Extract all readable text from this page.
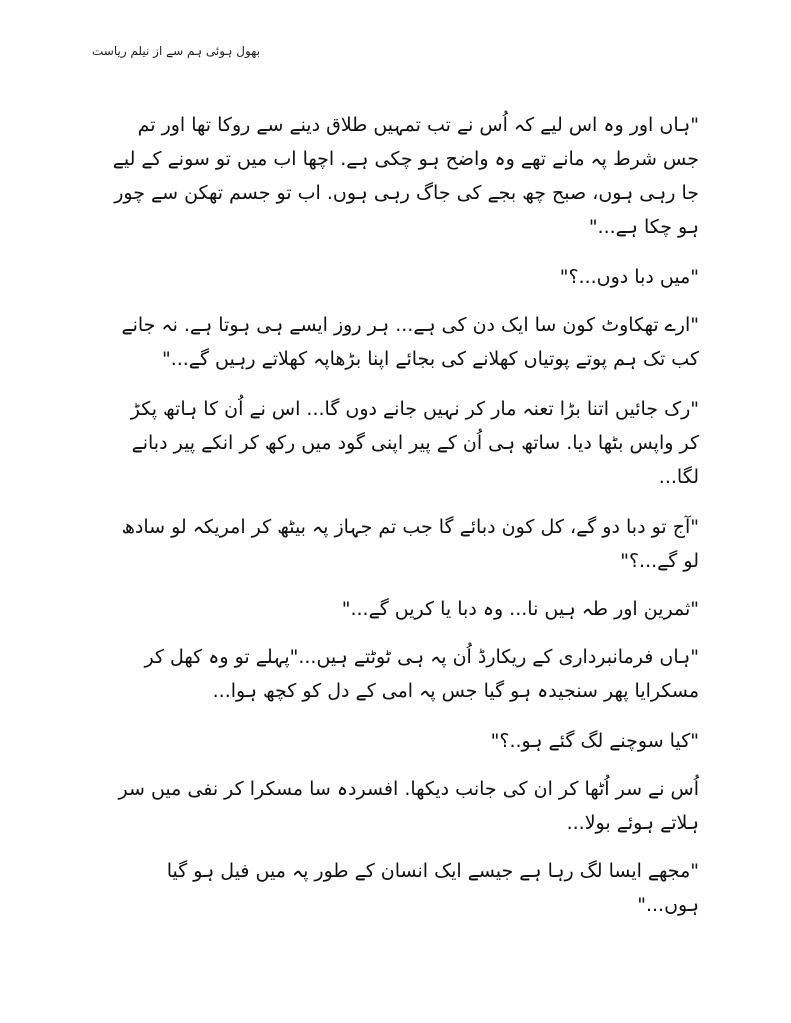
بھول ہوئی ہم سے از نیلم ریاست

"ہاں اور وہ اس لیے کہ اُس نے تب تمہیں طلاق دینے سے روکا تھا اور تم جس شرط پہ مانے تھے وہ واضح ہو چکی ہے. اچھا اب میں تو سونے کے لیے جا رہی ہوں، صبح چھ بجے کی جاگ رہی ہوں. اب تو جسم تھکن سے چور ہو چکا ہے..."

"میں دبا دوں...؟"

"ارے تھکاوٹ کون سا ایک دن کی ہے... ہر روز ایسے ہی ہوتا ہے. نہ جانے کب تک ہم پوتے پوتیاں کھلانے کی بجائے اپنا بڑھاپہ کھلاتے رہیں گے..."

"رک جائیں اتنا بڑا تعنہ مار کر نہیں جانے دوں گا... اس نے اُن کا ہاتھ پکڑ کر واپس بٹھا دیا. ساتھ ہی اُن کے پیر اپنی گود میں رکھ کر انکے پیر دبانے لگا...

"آج تو دبا دو گے، کل کون دبائے گا جب تم جہاز پہ بیٹھ کر امریکہ لو سادھ لو گے...؟"

"ثمرین اور طہ ہیں نا... وہ دبا یا کریں گے..."

"ہاں فرمانبرداری کے ریکارڈ اُن پہ ہی ٹوٹتے ہیں..."پہلے تو وہ کھل کر مسکرایا پھر سنجیدہ ہو گیا جس پہ امی کے دل کو کچھ ہوا...

"کیا سوچنے لگ گئے ہو..؟"

اُس نے سر اُٹھا کر ان کی جانب دیکھا. افسردہ سا مسکرا کر نفی میں سر ہلاتے ہوئے بولا...

"مجھے ایسا لگ رہا ہے جیسے ایک انسان کے طور پہ میں فیل ہو گیا ہوں..."
